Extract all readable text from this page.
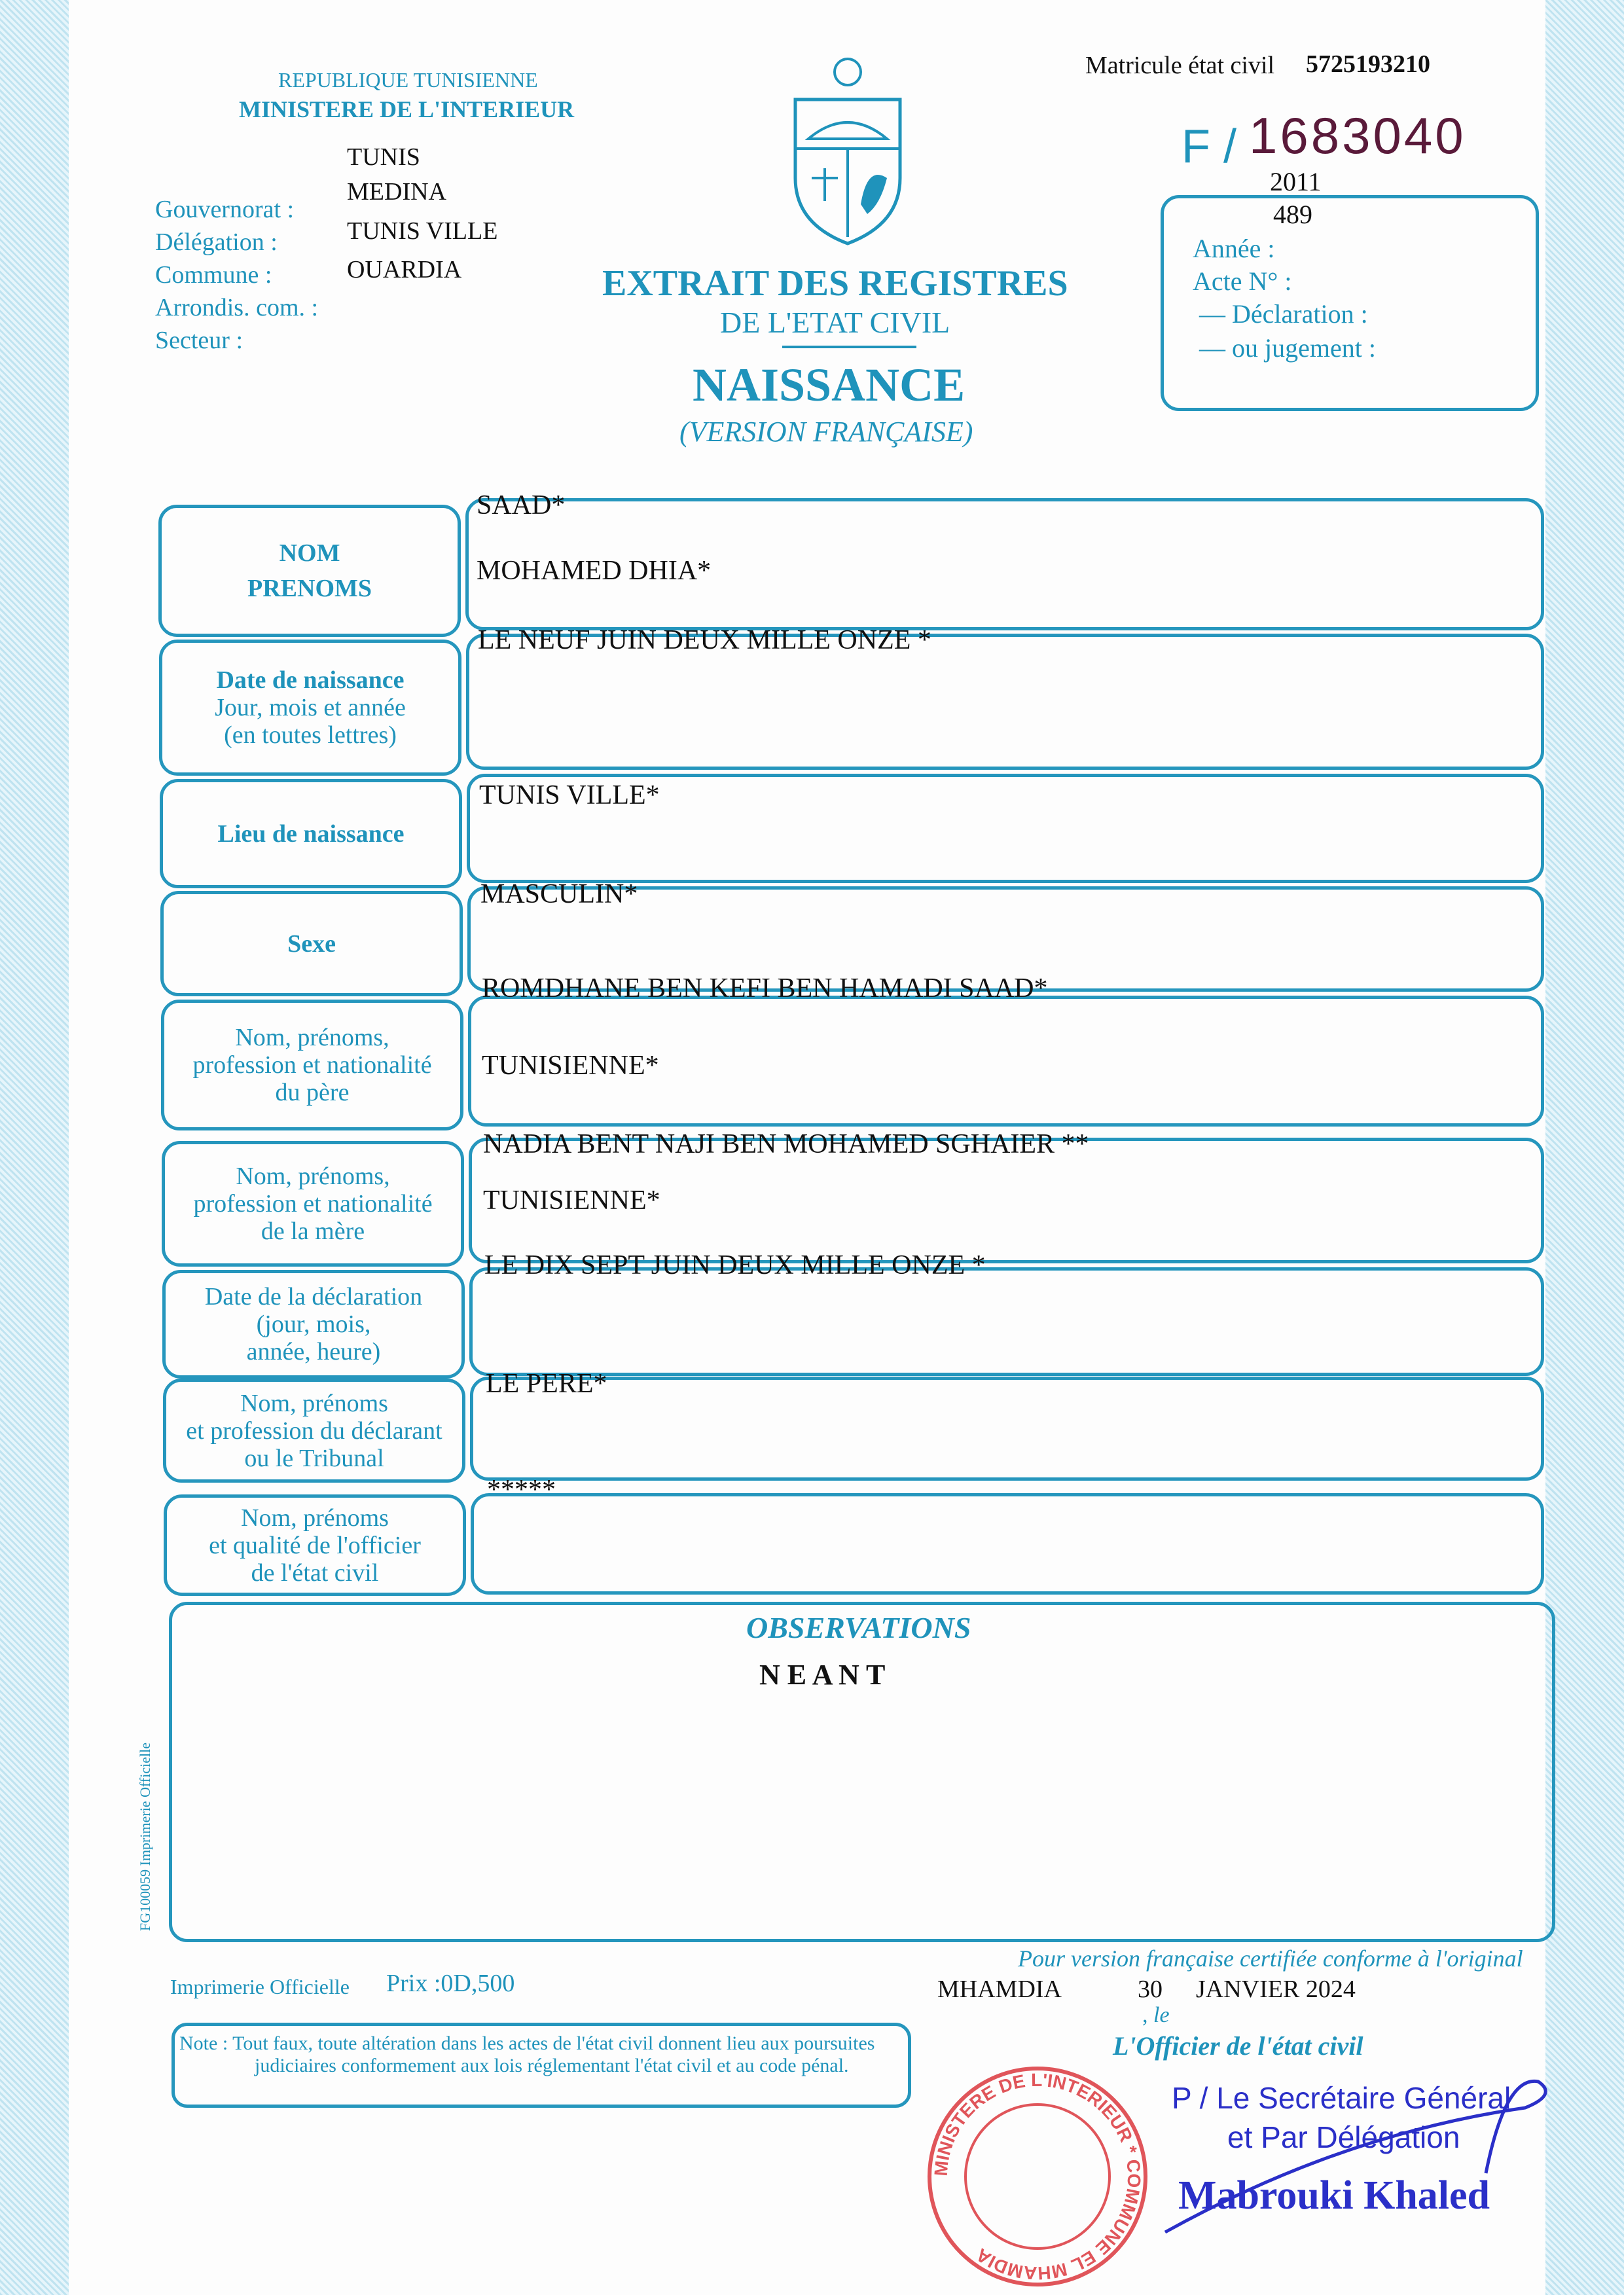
REPUBLIQUE TUNISIENNE
MINISTERE DE L'INTERIEUR
Matricule état civil 5725193210
F / 1683040
Gouvernorat :
Délégation :
Commune :
Arrondis. com. :
Secteur :
TUNIS
MEDINA
TUNIS VILLE
OUARDIA	EXTRAIT DES REGISTRES
DE L'ETAT CIVIL
NAISSANCE
(VERSION FRANÇAISE)
2011
489
Année :
Acte N° :
— Déclaration :
— ou jugement :
NOM
PRENOMS
SAAD*
MOHAMED DHIA*
Date de naissance
Jour, mois et année
(en toutes lettres)
LE NEUF JUIN DEUX MILLE ONZE *
Lieu de naissance
TUNIS VILLE*
Sexe
MASCULIN*
Nom, prénoms,
profession et nationalité
du père
ROMDHANE BEN KEFI BEN HAMADI SAAD*
TUNISIENNE*
Nom, prénoms,
profession et nationalité
de la mère
NADIA BENT NAJI BEN MOHAMED SGHAIER **
TUNISIENNE*
Date de la déclaration
(jour, mois,
année, heure)
LE DIX SEPT JUIN DEUX MILLE ONZE *
Nom, prénoms
et profession du déclarant
ou le Tribunal
LE PERE*
Nom, prénoms
et qualité de l'officier
de l'état civil
*****
OBSERVATIONS
N E A N T
FG100059 Imprimerie Officielle
Imprimerie Officielle Prix :0D,500
Pour version française certifiée conforme à l'original
MHAMDIA	30
, le
JANVIER 2024
L'Officier de l'état civil
Note : Tout faux, toute altération dans les actes de l'état civil donnent lieu aux poursuites judiciaires conformement aux lois réglementant l'état civil et au code pénal.
MINISTERE DE L'INTERIEUR * COMMUNE EL MHAMDIA
P / Le Secrétaire Général
et Par Délégation
Mabrouki Khaled
